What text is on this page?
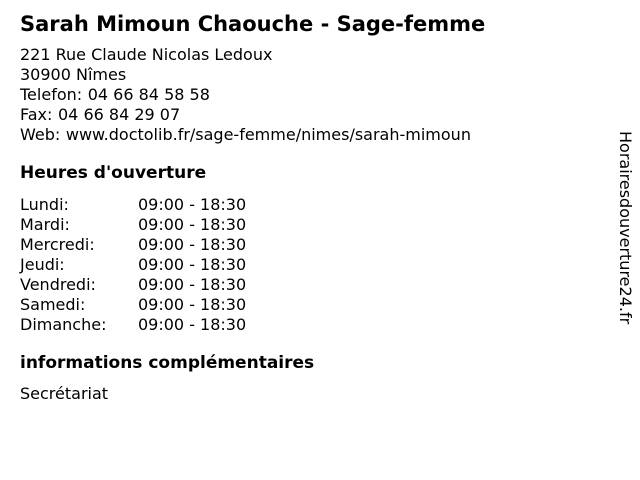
Sarah Mimoun Chaouche - Sage-femme
221 Rue Claude Nicolas Ledoux
30900 Nîmes
Telefon: 04 66 84 58 58
Fax: 04 66 84 29 07
Web: www.doctolib.fr/sage-femme/nimes/sarah-mimoun
Heures d'ouverture
Lundi:	09:00 - 18:30
Mardi:	09:00 - 18:30
Mercredi:	09:00 - 18:30
Jeudi:	09:00 - 18:30
Vendredi:	09:00 - 18:30
Samedi:	09:00 - 18:30
Dimanche: 09:00 - 18:30
informations complémentaires
Secrétariat
Horairesdouverture24.fr
